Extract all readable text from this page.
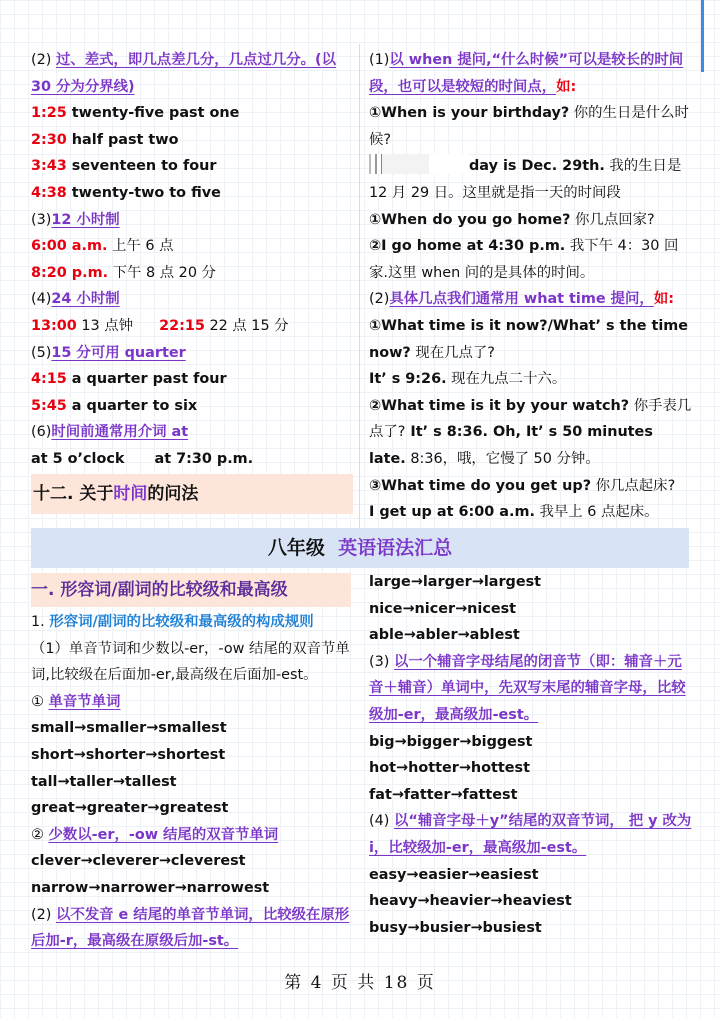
(2) 过、差式，即几点差几分，几点过几分。(以30 分为分界线)

1:25 twenty-five past one

2:30 half past two

3:43 seventeen to four

4:38 twenty-two to five

(3)12 小时制

6:00 a.m. 上午 6 点

8:20 p.m. 下午 8 点 20 分

(4)24 小时制

13:00 13 点钟 22:15 22 点 15 分

(5)15 分可用 quarter

4:15 a quarter past four

5:45 a quarter to six

(6)时间前通常用介词 at

at 5 o’clock      at 7:30 p.m.

十二. 关于时间的问法

(1)以 when 提问,“什么时候”可以是较长的时间段，也可以是较短的时间点，如:

①When is your birthday? 你的生日是什么时候?

day is Dec. 29th. 我的生日是 12 月 29 日。这里就是指一天的时间段

①When do you go home? 你几点回家?

②I go home at 4:30 p.m. 我下午 4：30 回家.这里 when 问的是具体的时间。

(2)具体几点我们通常用 what time 提问，如:

①What time is it now?/What’ s the time now? 现在几点了?

It’ s 9:26. 现在九点二十六。

②What time is it by your watch? 你手表几点了? It’ s 8:36. Oh, It’ s 50 minutes late. 8:36，哦，它慢了 50 分钟。

③What time do you get up? 你几点起床?

I get up at 6:00 a.m. 我早上 6 点起床。

八年级  英语语法汇总
一. 形容词/副词的比较级和最高级

1. 形容词/副词的比较级和最高级的构成规则

（1）单音节词和少数以-er，-ow 结尾的双音节单词,比较级在后面加-er,最高级在后面加-est。

① 单音节单词

small→smaller→smallest

short→shorter→shortest

tall→taller→tallest

great→greater→greatest

② 少数以-er，-ow 结尾的双音节单词

clever→cleverer→cleverest

narrow→narrower→narrowest

(2) 以不发音 e 结尾的单音节单词，比较级在原形后加-r，最高级在原级后加-st。

large→larger→largest

nice→nicer→nicest

able→abler→ablest

(3) 以一个辅音字母结尾的闭音节（即：辅音＋元音＋辅音）单词中，先双写末尾的辅音字母，比较级加-er，最高级加-est。

big→bigger→biggest

hot→hotter→hottest

fat→fatter→fattest

(4) 以“辅音字母＋y”结尾的双音节词， 把 y 改为 i，比较级加-er，最高级加-est。

easy→easier→easiest

heavy→heavier→heaviest

busy→busier→busiest

第 4 页 共 18 页
